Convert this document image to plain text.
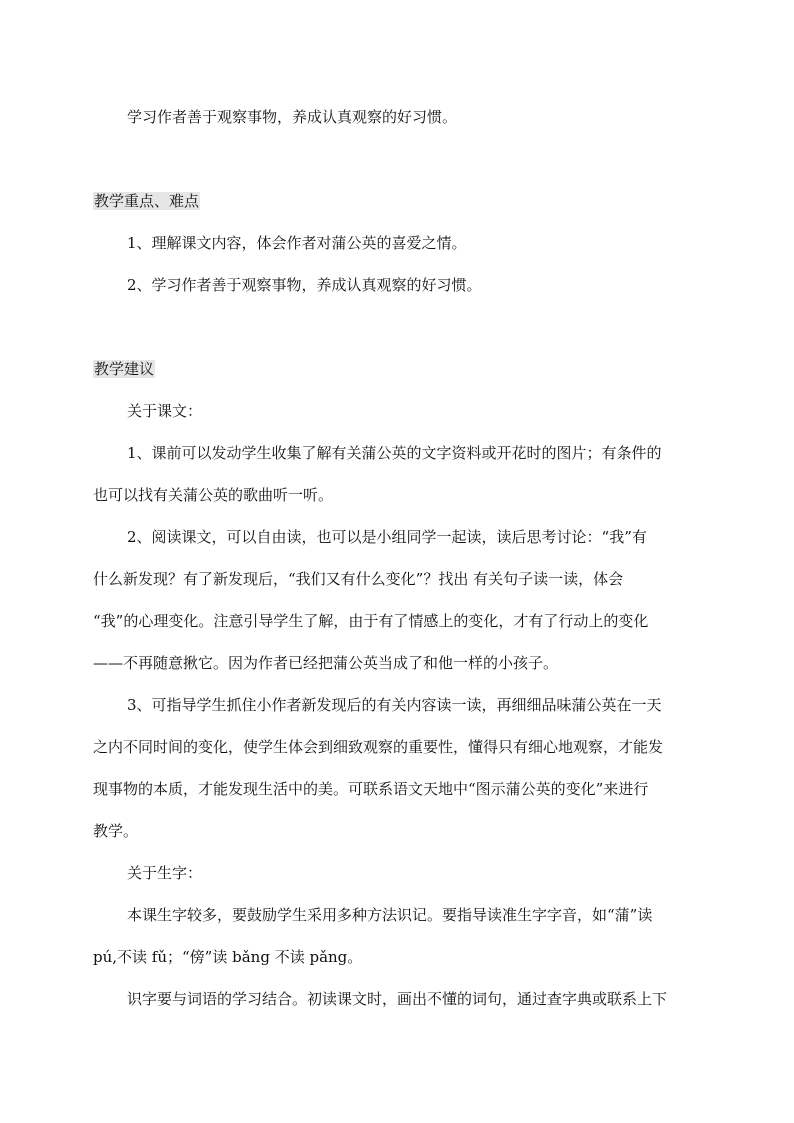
学习作者善于观察事物，养成认真观察的好习惯。
教学重点、难点
1、理解课文内容，体会作者对蒲公英的喜爱之情。
2、学习作者善于观察事物，养成认真观察的好习惯。
教学建议
关于课文：
1、课前可以发动学生收集了解有关蒲公英的文字资料或开花时的图片；有条件的
也可以找有关蒲公英的歌曲听一听。
2、阅读课文，可以自由读，也可以是小组同学一起读，读后思考讨论：“我”有
什么新发现？有了新发现后，“我们又有什么变化”？找出 有关句子读一读，体会
“我”的心理变化。注意引导学生了解，由于有了情感上的变化，才有了行动上的变化
——不再随意揪它。因为作者已经把蒲公英当成了和他一样的小孩子。
3、可指导学生抓住小作者新发现后的有关内容读一读，再细细品味蒲公英在一天
之内不同时间的变化，使学生体会到细致观察的重要性，懂得只有细心地观察，才能发
现事物的本质，才能发现生活中的美。可联系语文天地中“图示蒲公英的变化”来进行
教学。
关于生字：
本课生字较多，要鼓励学生采用多种方法识记。要指导读准生字字音，如“蒲”读
pú,不读 fǔ；“傍”读 bǎng 不读 pǎng。
识字要与词语的学习结合。初读课文时，画出不懂的词句，通过查字典或联系上下
